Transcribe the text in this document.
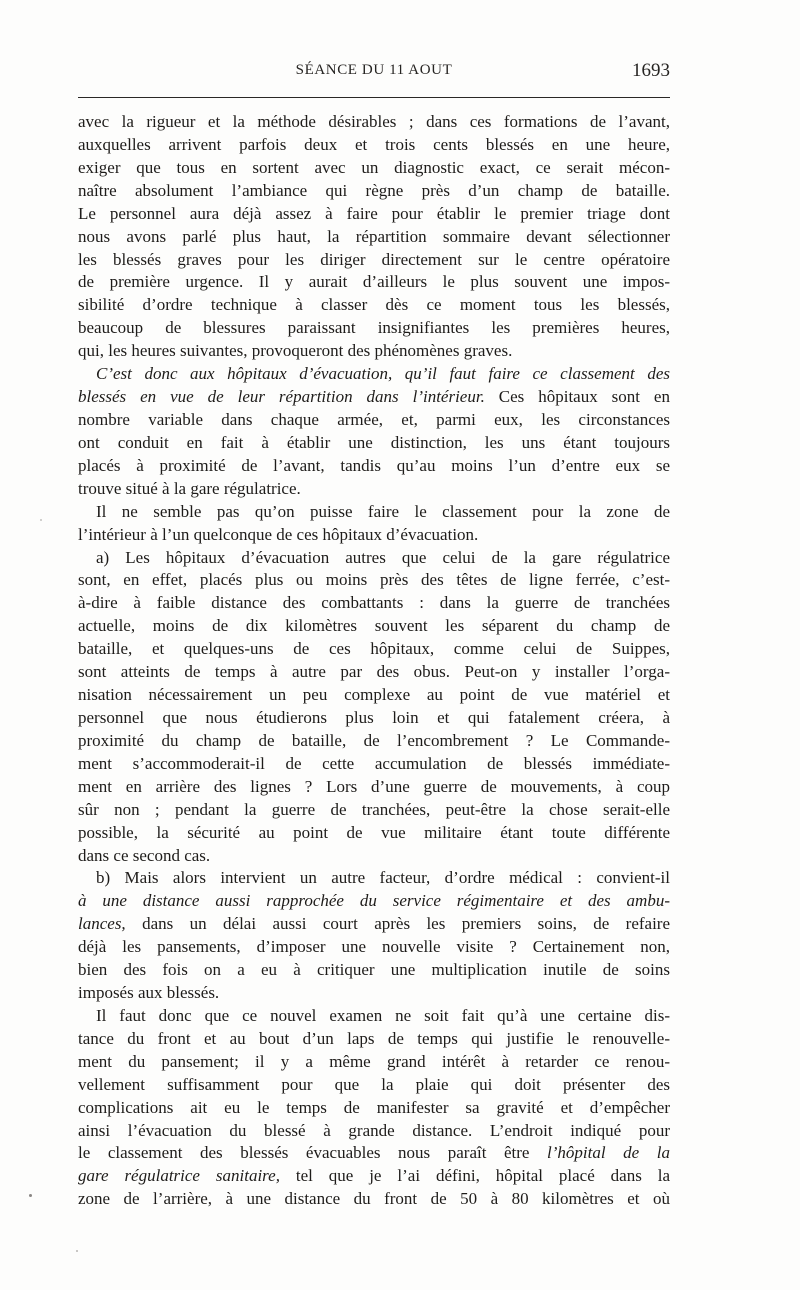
SÉANCE DU 11 AOUT	1693
avec la rigueur et la méthode désirables ; dans ces formations de l’avant,
auxquelles arrivent parfois deux et trois cents blessés en une heure,
exiger que tous en sortent avec un diagnostic exact, ce serait mécon-
naître absolument l’ambiance qui règne près d’un champ de bataille.
Le personnel aura déjà assez à faire pour établir le premier triage dont
nous avons parlé plus haut, la répartition sommaire devant sélectionner
les blessés graves pour les diriger directement sur le centre opératoire
de première urgence. Il y aurait d’ailleurs le plus souvent une impos-
sibilité d’ordre technique à classer dès ce moment tous les blessés,
beaucoup de blessures paraissant insignifiantes les premières heures,
qui, les heures suivantes, provoqueront des phénomènes graves.
C’est donc aux hôpitaux d’évacuation, qu’il faut faire ce classement des
blessés en vue de leur répartition dans l’intérieur. Ces hôpitaux sont en
nombre variable dans chaque armée, et, parmi eux, les circonstances
ont conduit en fait à établir une distinction, les uns étant toujours
placés à proximité de l’avant, tandis qu’au moins l’un d’entre eux se
trouve situé à la gare régulatrice.
Il ne semble pas qu’on puisse faire le classement pour la zone de
l’intérieur à l’un quelconque de ces hôpitaux d’évacuation.
a) Les hôpitaux d’évacuation autres que celui de la gare régulatrice
sont, en effet, placés plus ou moins près des têtes de ligne ferrée, c’est-
à-dire à faible distance des combattants : dans la guerre de tranchées
actuelle, moins de dix kilomètres souvent les séparent du champ de
bataille, et quelques-uns de ces hôpitaux, comme celui de Suippes,
sont atteints de temps à autre par des obus. Peut-on y installer l’orga-
nisation nécessairement un peu complexe au point de vue matériel et
personnel que nous étudierons plus loin et qui fatalement créera, à
proximité du champ de bataille, de l’encombrement ? Le Commande-
ment s’accommoderait-il de cette accumulation de blessés immédiate-
ment en arrière des lignes ? Lors d’une guerre de mouvements, à coup
sûr non ; pendant la guerre de tranchées, peut-être la chose serait-elle
possible, la sécurité au point de vue militaire étant toute différente
dans ce second cas.
b) Mais alors intervient un autre facteur, d’ordre médical : convient-il
à une distance aussi rapprochée du service régimentaire et des ambu-
lances, dans un délai aussi court après les premiers soins, de refaire
déjà les pansements, d’imposer une nouvelle visite ? Certainement non,
bien des fois on a eu à critiquer une multiplication inutile de soins
imposés aux blessés.
Il faut donc que ce nouvel examen ne soit fait qu’à une certaine dis-
tance du front et au bout d’un laps de temps qui justifie le renouvelle-
ment du pansement; il y a même grand intérêt à retarder ce renou-
vellement suffisamment pour que la plaie qui doit présenter des
complications ait eu le temps de manifester sa gravité et d’empêcher
ainsi l’évacuation du blessé à grande distance. L’endroit indiqué pour
le classement des blessés évacuables nous paraît être l’hôpital de la
gare régulatrice sanitaire, tel que je l’ai défini, hôpital placé dans la
zone de l’arrière, à une distance du front de 50 à 80 kilomètres et où
